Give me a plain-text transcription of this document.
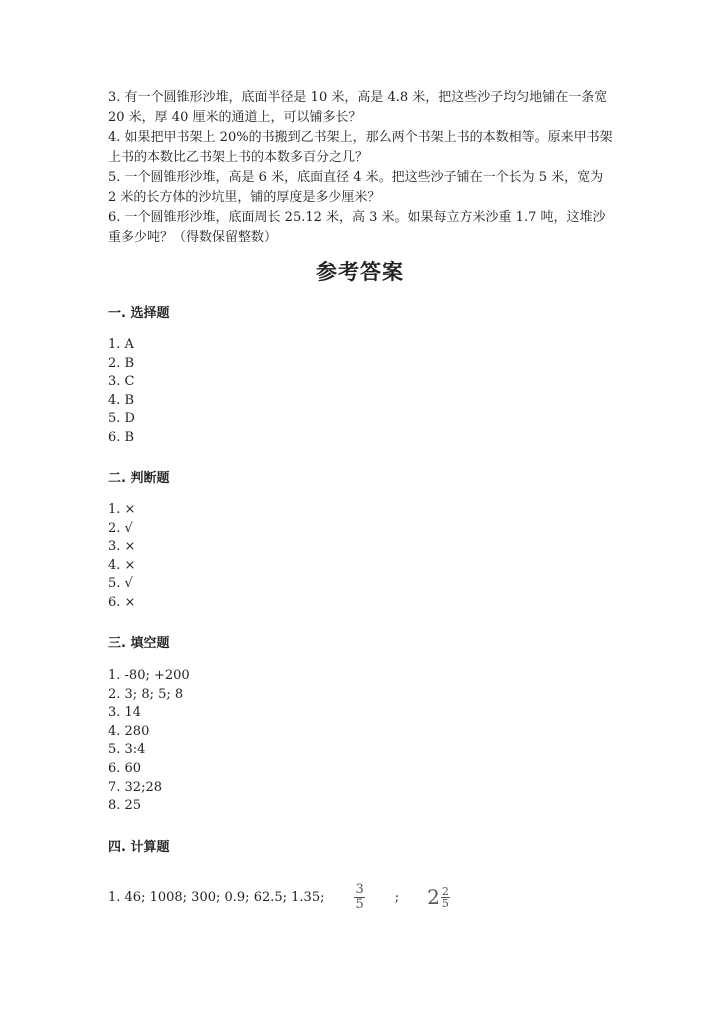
3. 有一个圆锥形沙堆，底面半径是 10 米，高是 4.8 米，把这些沙子均匀地铺在一条宽 20 米，厚 40 厘米的通道上，可以铺多长？

4. 如果把甲书架上 20%的书搬到乙书架上，那么两个书架上书的本数相等。原来甲书架上书的本数比乙书架上书的本数多百分之几？

5. 一个圆锥形沙堆，高是 6 米，底面直径 4 米。把这些沙子铺在一个长为 5 米，宽为 2 米的长方体的沙坑里，铺的厚度是多少厘米？

6. 一个圆锥形沙堆，底面周长 25.12 米，高 3 米。如果每立方米沙重 1.7 吨，这堆沙重多少吨？（得数保留整数）

参考答案
一. 选择题
1. A
2. B
3. C
4. B
5. D
6. B
二. 判断题
1. ×
2. √
3. ×
4. ×
5. √
6. ×
三. 填空题
1. -80; +200
2. 3; 8; 5; 8
3. 14
4. 280
5. 3:4
6. 60
7. 32;28
8. 25
四. 计算题
1. 46; 1008; 300; 0.9; 62.5; 1.35; $\frac{3}{5}$ ; $2 \frac{2}{5}$
